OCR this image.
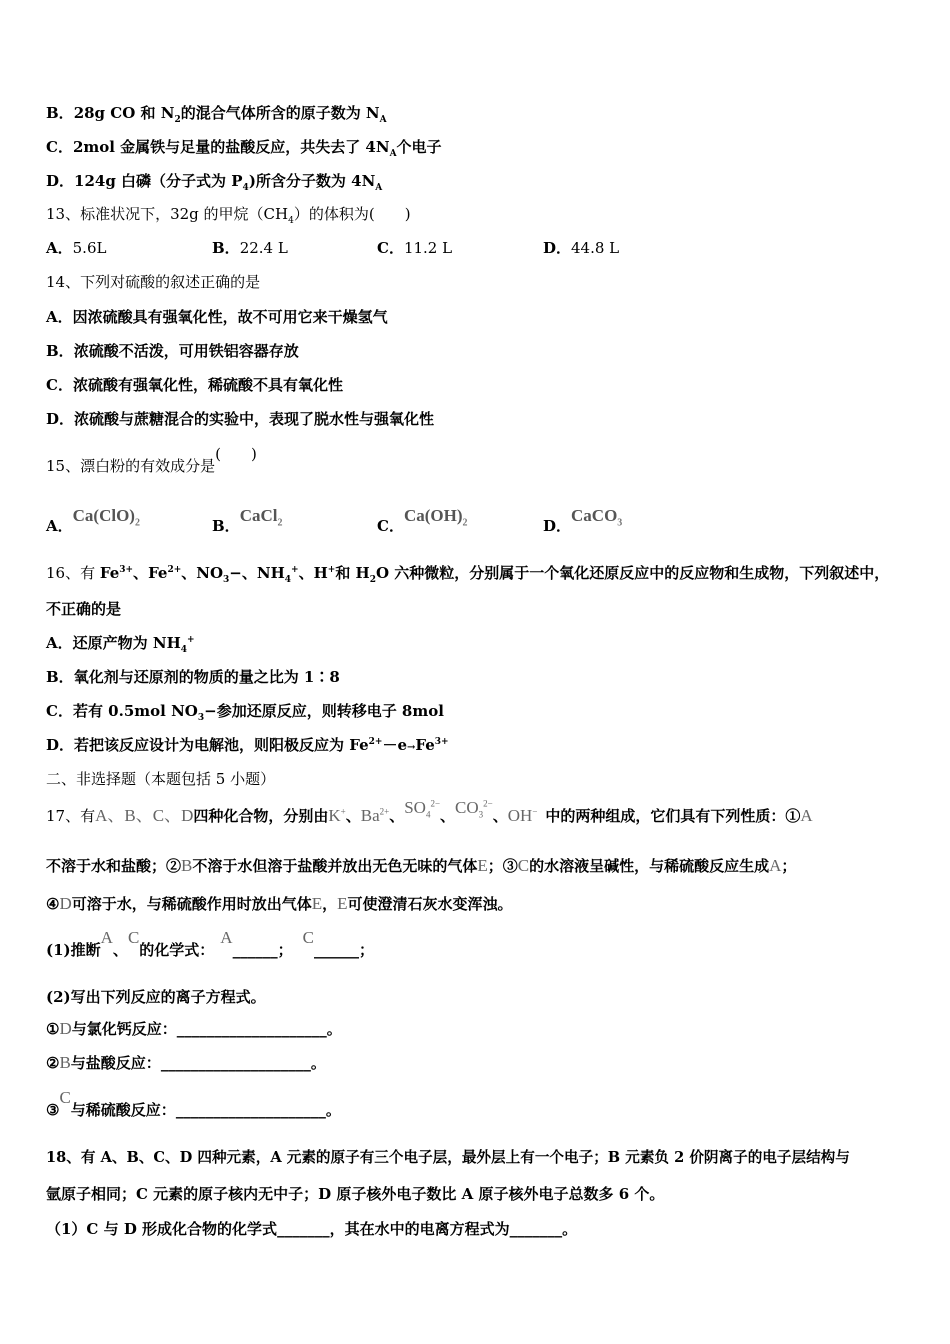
B．28g CO 和 $N_2$的混合气体所含的原子数为 $N_A$
C．2mol 金属铁与足量的盐酸反应，共失去了 $4N_A$个电子
D．124g 白磷（分子式为 $P_4$)所含分子数为 $4N_A$
13、标准状况下，32g 的甲烷$(CH_4)$的体积为(　　)
A．5.6L	B．22.4 L	C．11.2 L	D．44.8 L
14、下列对硫酸的叙述正确的是
A．因浓硫酸具有强氧化性，故不可用它来干燥氢气
B．浓硫酸不活泼，可用铁铝容器存放
C．浓硫酸有强氧化性，稀硫酸不具有氧化性
D．浓硫酸与蔗糖混合的实验中，表现了脱水性与强氧化性
15、漂白粉的有效成分是(　　)
A．$Ca(ClO)_2$	B．CaCl$_2$	C．$Ca(OH)_2$	D．CaCO$_3$
16、有 $Fe^{3+}$、$Fe^{2+}$、$NO_3-$、$NH_4^+$、H+和 $H_2O$ 六种微粒，分别属于一个氧化还原反应中的反应物和生成物，下列叙述中，
不正确的是
A．还原产物为 $NH_4^+$
B．氧化剂与还原剂的物质的量之比为 1∶8
C．若有 0.5mol $NO_3-$参加还原反应，则转移电子 8mol
D．若把该反应设计为电解池，则阳极反应为 $Fe^{2+}-e\to Fe^{3+}$
二、非选择题（本题包括 5 小题）
17、有A、B、C、D四种化合物，分别由K+、$Ba^{2+}$、$SO_4^{2-}$、$CO_3^{2-}$、OH− 中的两种组成，它们具有下列性质：①A
不溶于水和盐酸；②B不溶于水但溶于盐酸并放出无色无味的气体E；③C的水溶液呈碱性，与稀硫酸反应生成A；
④D可溶于水，与稀硫酸作用时放出气体E，E可使澄清石灰水变浑浊。
(1)推断A、C的化学式：A______；C______；
(2)写出下列反应的离子方程式。
①D与氯化钙反应：____________________。
②B与盐酸反应：____________________。
③C与稀硫酸反应：____________________。
18、有 A、B、C、D 四种元素，A 元素的原子有三个电子层，最外层上有一个电子；B 元素负 2 价阴离子的电子层结构与
氩原子相同；C 元素的原子核内无中子；D 原子核外电子数比 A 原子核外电子总数多 6 个。
（1）C 与 D 形成化合物的化学式_______，其在水中的电离方程式为_______。
